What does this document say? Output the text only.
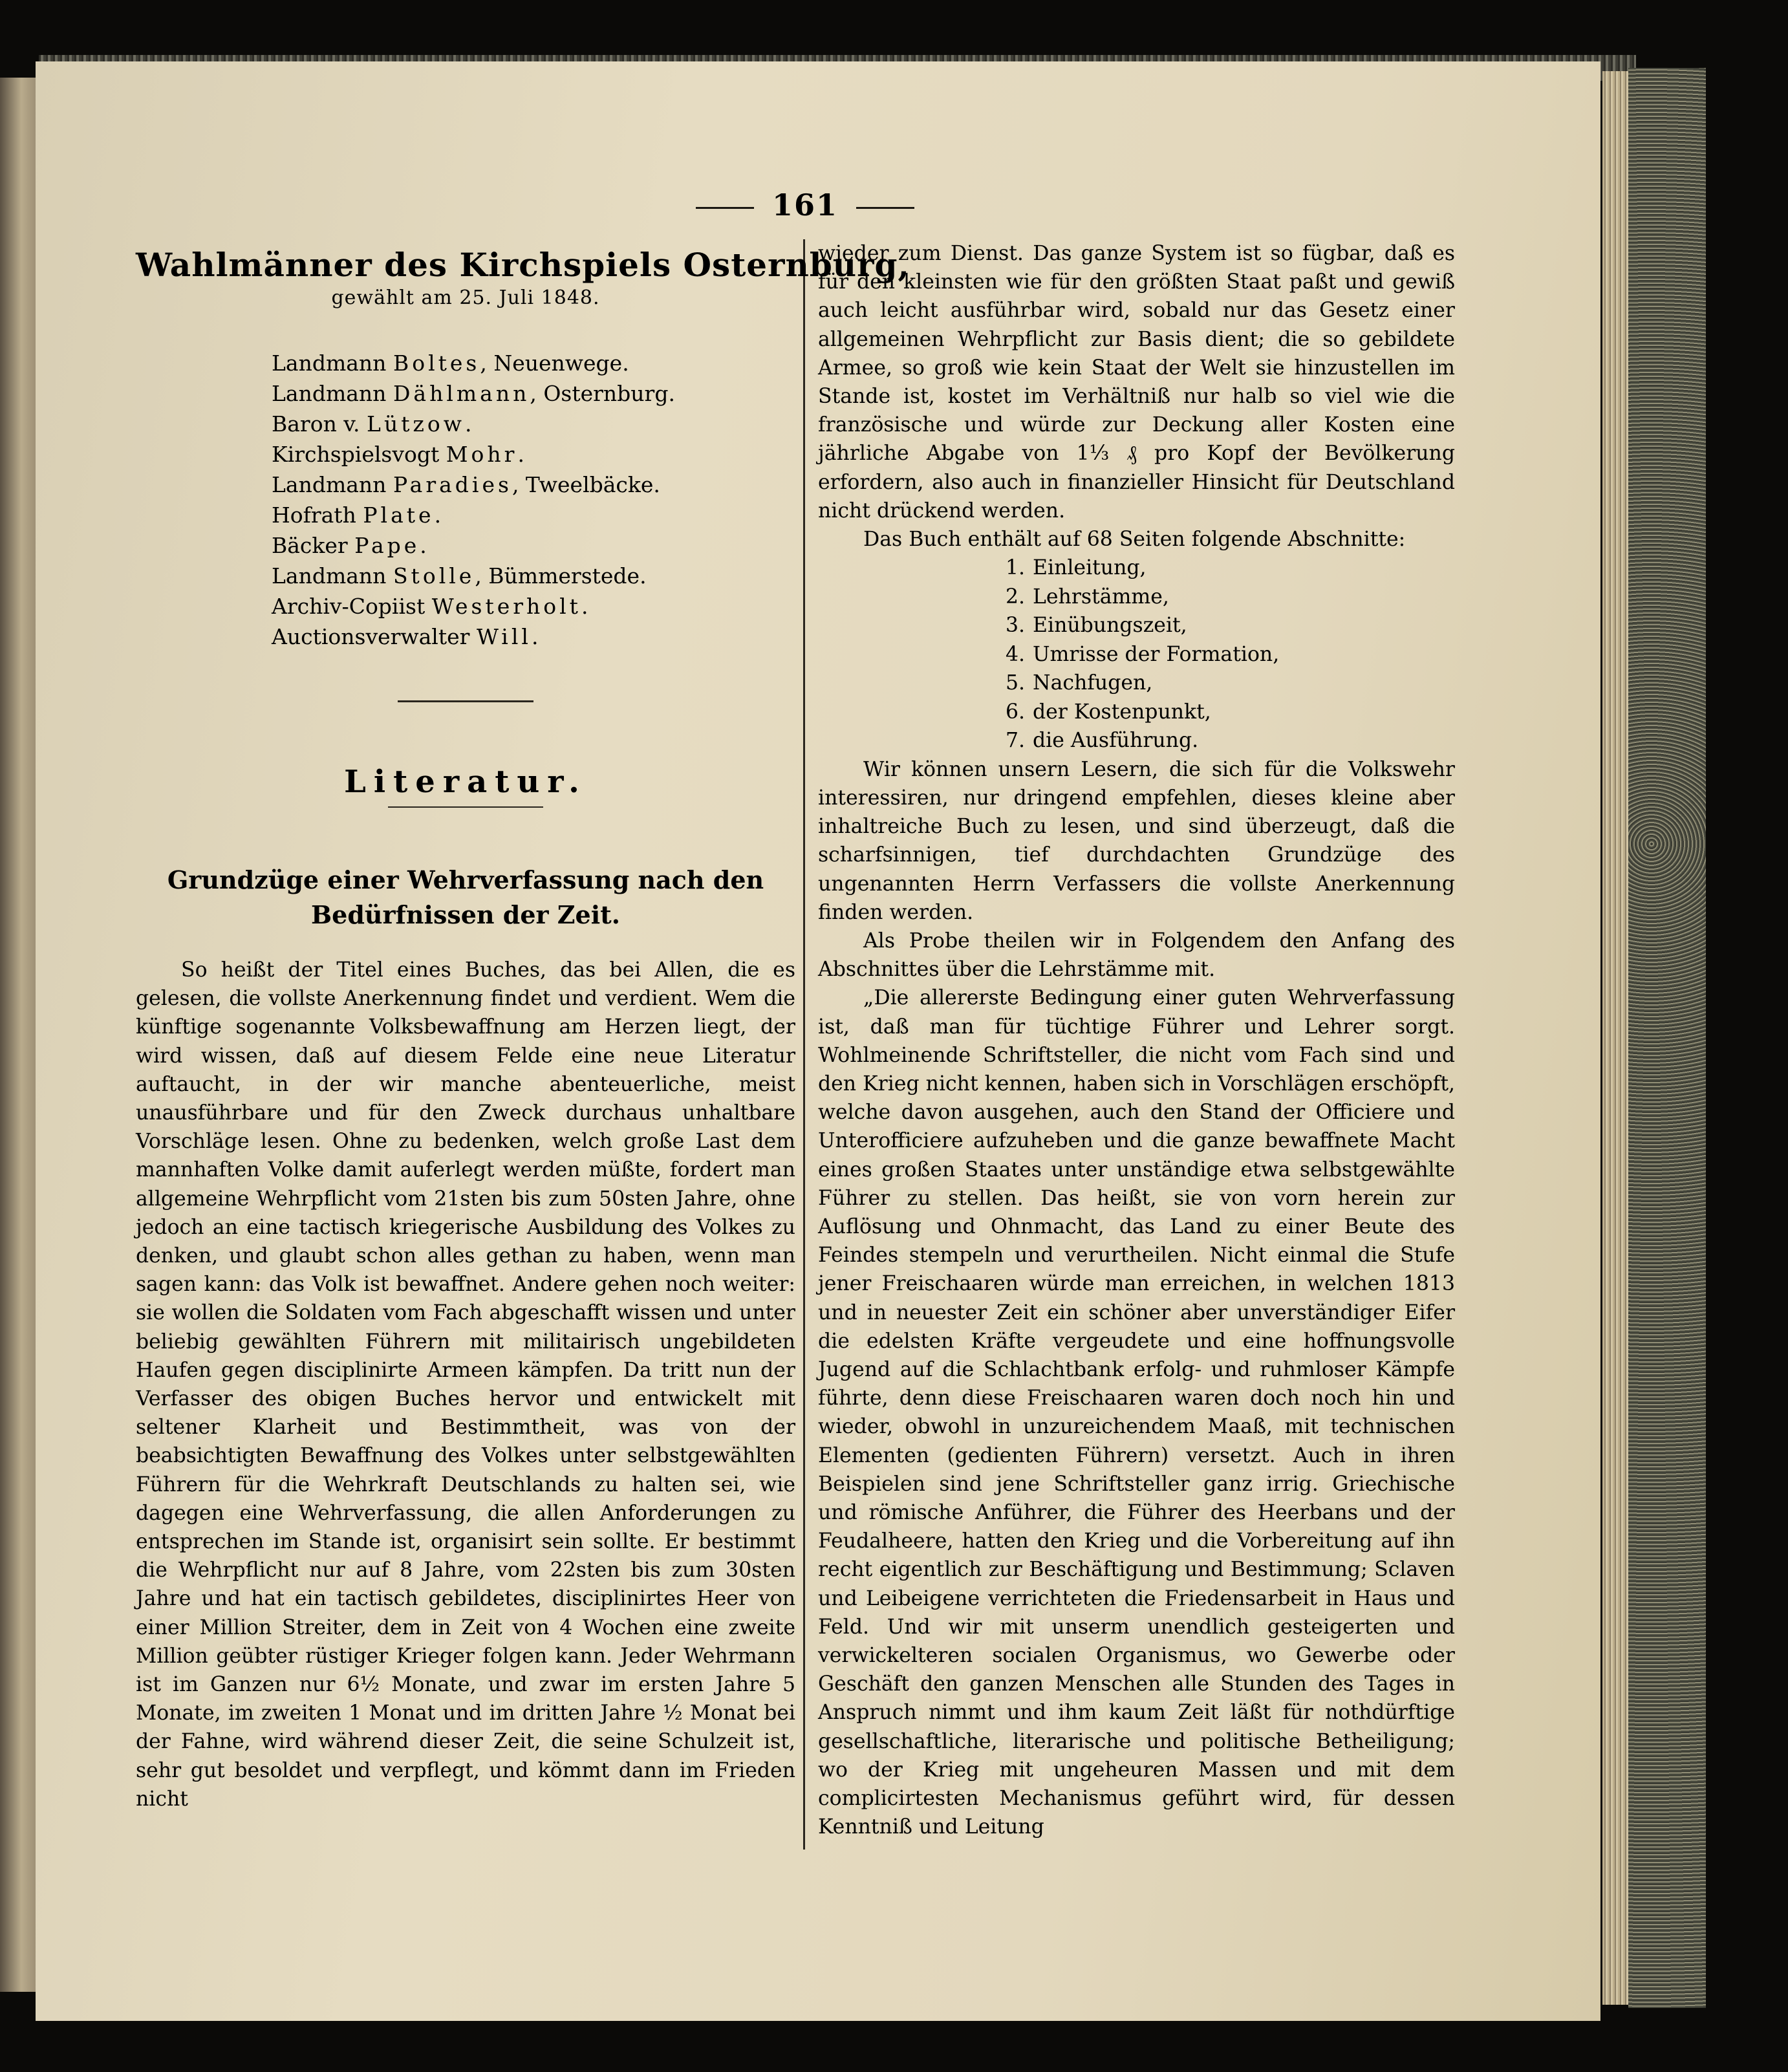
161
Wahlmänner des Kirchspiels Osternburg,
gewählt am 25. Juli 1848.
Landmann Boltes, Neuenwege.
Landmann Dählmann, Osternburg.
Baron v. Lützow.
Kirchspielsvogt Mohr.
Landmann Paradies, Tweelbäcke.
Hofrath Plate.
Bäcker Pape.
Landmann Stolle, Bümmerstede.
Archiv-Copiist Westerholt.
Auctionsverwalter Will.
Literatur.
Grundzüge einer Wehrverfassung nach den Bedürfnissen der Zeit.

So heißt der Titel eines Buches, das bei Allen, die es gelesen, die vollste Anerkennung findet und verdient. Wem die künftige sogenannte Volksbewaffnung am Herzen liegt, der wird wissen, daß auf diesem Felde eine neue Literatur auftaucht, in der wir manche abenteuerliche, meist unausführbare und für den Zweck durchaus unhaltbare Vorschläge lesen. Ohne zu bedenken, welch große Last dem mannhaften Volke damit auferlegt werden müßte, fordert man allgemeine Wehrpflicht vom 21sten bis zum 50sten Jahre, ohne jedoch an eine tactisch kriegerische Ausbildung des Volkes zu denken, und glaubt schon alles gethan zu haben, wenn man sagen kann: das Volk ist bewaffnet. Andere gehen noch weiter: sie wollen die Soldaten vom Fach abgeschafft wissen und unter beliebig gewählten Führern mit militairisch ungebildeten Haufen gegen disciplinirte Armeen kämpfen. Da tritt nun der Verfasser des obigen Buches hervor und entwickelt mit seltener Klarheit und Bestimmtheit, was von der beabsichtigten Bewaffnung des Volkes unter selbstgewählten Führern für die Wehrkraft Deutschlands zu halten sei, wie dagegen eine Wehrverfassung, die allen Anforderungen zu entsprechen im Stande ist, organisirt sein sollte. Er bestimmt die Wehrpflicht nur auf 8 Jahre, vom 22sten bis zum 30sten Jahre und hat ein tactisch gebildetes, disciplinirtes Heer von einer Million Streiter, dem in Zeit von 4 Wochen eine zweite Million geübter rüstiger Krieger folgen kann. Jeder Wehrmann ist im Ganzen nur 6½ Monate, und zwar im ersten Jahre 5 Monate, im zweiten 1 Monat und im dritten Jahre ½ Monat bei der Fahne, wird während dieser Zeit, die seine Schulzeit ist, sehr gut besoldet und verpflegt, und kömmt dann im Frieden nicht

wieder zum Dienst. Das ganze System ist so fügbar, daß es für den kleinsten wie für den größten Staat paßt und gewiß auch leicht ausführbar wird, sobald nur das Gesetz einer allgemeinen Wehrpflicht zur Basis dient; die so gebildete Armee, so groß wie kein Staat der Welt sie hinzustellen im Stande ist, kostet im Verhältniß nur halb so viel wie die französische und würde zur Deckung aller Kosten eine jährliche Abgabe von 1⅓ ₰ pro Kopf der Bevölkerung erfordern, also auch in finanzieller Hinsicht für Deutschland nicht drückend werden.

Das Buch enthält auf 68 Seiten folgende Abschnitte:

1. Einleitung,
2. Lehrstämme,
3. Einübungszeit,
4. Umrisse der Formation,
5. Nachfugen,
6. der Kostenpunkt,
7. die Ausführung.

Wir können unsern Lesern, die sich für die Volkswehr interessiren, nur dringend empfehlen, dieses kleine aber inhaltreiche Buch zu lesen, und sind überzeugt, daß die scharfsinnigen, tief durchdachten Grundzüge des ungenannten Herrn Verfassers die vollste Anerkennung finden werden.

Als Probe theilen wir in Folgendem den Anfang des Abschnittes über die Lehrstämme mit.

„Die allererste Bedingung einer guten Wehrverfassung ist, daß man für tüchtige Führer und Lehrer sorgt. Wohlmeinende Schriftsteller, die nicht vom Fach sind und den Krieg nicht kennen, haben sich in Vorschlägen erschöpft, welche davon ausgehen, auch den Stand der Officiere und Unterofficiere aufzuheben und die ganze bewaffnete Macht eines großen Staates unter unständige etwa selbstgewählte Führer zu stellen. Das heißt, sie von vorn herein zur Auflösung und Ohnmacht, das Land zu einer Beute des Feindes stempeln und verurtheilen. Nicht einmal die Stufe jener Freischaaren würde man erreichen, in welchen 1813 und in neuester Zeit ein schöner aber unverständiger Eifer die edelsten Kräfte vergeudete und eine hoffnungsvolle Jugend auf die Schlachtbank erfolg- und ruhmloser Kämpfe führte, denn diese Freischaaren waren doch noch hin und wieder, obwohl in unzureichendem Maaß, mit technischen Elementen (gedienten Führern) versetzt. Auch in ihren Beispielen sind jene Schriftsteller ganz irrig. Griechische und römische Anführer, die Führer des Heerbans und der Feudalheere, hatten den Krieg und die Vorbereitung auf ihn recht eigentlich zur Beschäftigung und Bestimmung; Sclaven und Leibeigene verrichteten die Friedensarbeit in Haus und Feld. Und wir mit unserm unendlich gesteigerten und verwickelteren socialen Organismus, wo Gewerbe oder Geschäft den ganzen Menschen alle Stunden des Tages in Anspruch nimmt und ihm kaum Zeit läßt für nothdürftige gesellschaftliche, literarische und politische Betheiligung; wo der Krieg mit ungeheuren Massen und mit dem complicirtesten Mechanismus geführt wird, für dessen Kenntniß und Leitung
